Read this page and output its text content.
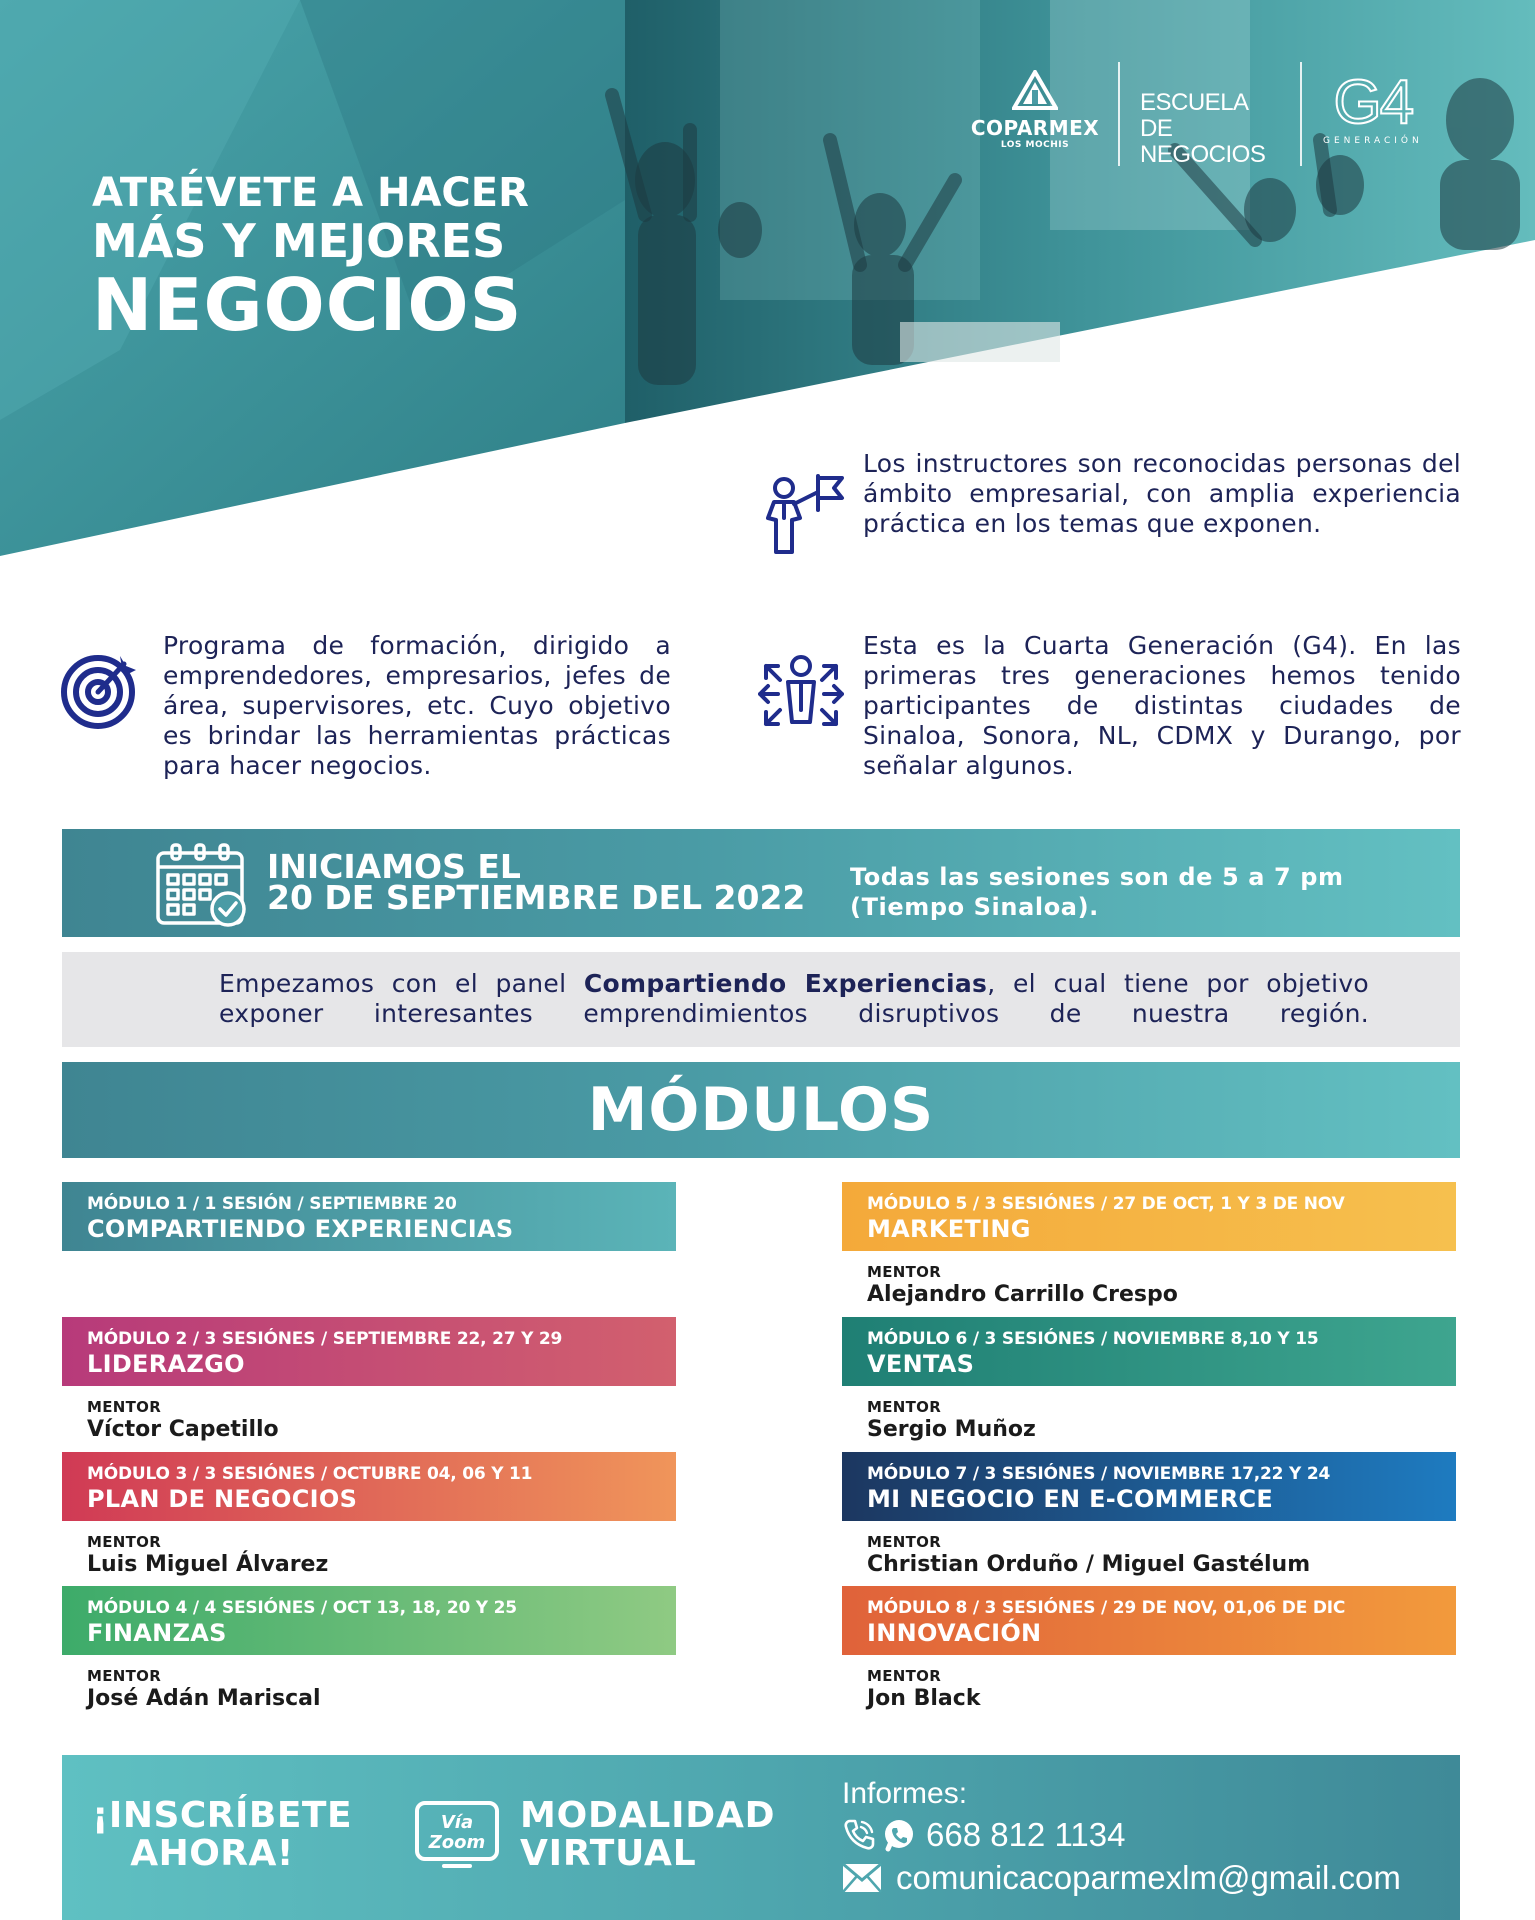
ATRÉVETE A HACER
MÁS Y MEJORES
NEGOCIOS
COPARMEX
LOS MOCHIS
ESCUELA DE
NEGOCIOS
G4
GENERACIÓN

Los instructores son reconocidas personas del ámbito empresarial, con amplia experiencia práctica en los temas que exponen.

Programa de formación, dirigido a emprendedores, empresarios, jefes de área, supervisores, etc. Cuyo objetivo es brindar las herramientas prácticas para hacer negocios.

Esta es la Cuarta Generación (G4). En las primeras tres generaciones hemos tenido participantes de distintas ciudades de Sinaloa, Sonora, NL, CDMX y Durango, por señalar algunos.

INICIAMOS EL
20 DE SEPTIEMBRE DEL 2022
Todas las sesiones son de 5 a 7 pm
(Tiempo Sinaloa).

Empezamos con el panel Compartiendo Experiencias, el cual tiene por objetivo exponer interesantes emprendimientos disruptivos de nuestra región.

MÓDULOS
MÓDULO 1 / 1 SESIÓN / SEPTIEMBRE 20
COMPARTIENDO EXPERIENCIAS
MÓDULO 2 / 3 SESIÓNES / SEPTIEMBRE 22, 27 Y 29
LIDERAZGO
MENTOR
Víctor Capetillo
MÓDULO 3 / 3 SESIÓNES / OCTUBRE 04, 06 Y 11
PLAN DE NEGOCIOS
MENTOR
Luis Miguel Álvarez
MÓDULO 4 / 4 SESIÓNES / OCT 13, 18, 20 Y 25
FINANZAS
MENTOR
José Adán Mariscal
MÓDULO 5 / 3 SESIÓNES / 27 DE OCT, 1 Y 3 DE NOV
MARKETING
MENTOR
Alejandro Carrillo Crespo
MÓDULO 6 / 3 SESIÓNES / NOVIEMBRE 8,10 Y 15
VENTAS
MENTOR
Sergio Muñoz
MÓDULO 7 / 3 SESIÓNES / NOVIEMBRE 17,22 Y 24
MI NEGOCIO EN E-COMMERCE
MENTOR
Christian Orduño / Miguel Gastélum
MÓDULO 8 / 3 SESIÓNES / 29 DE NOV, 01,06 DE DIC
INNOVACIÓN
MENTOR
Jon Black
¡INSCRÍBETE
AHORA!
Vía
Zoom
MODALIDAD
VIRTUAL
Informes:
668 812 1134
comunicacoparmexlm@gmail.com
